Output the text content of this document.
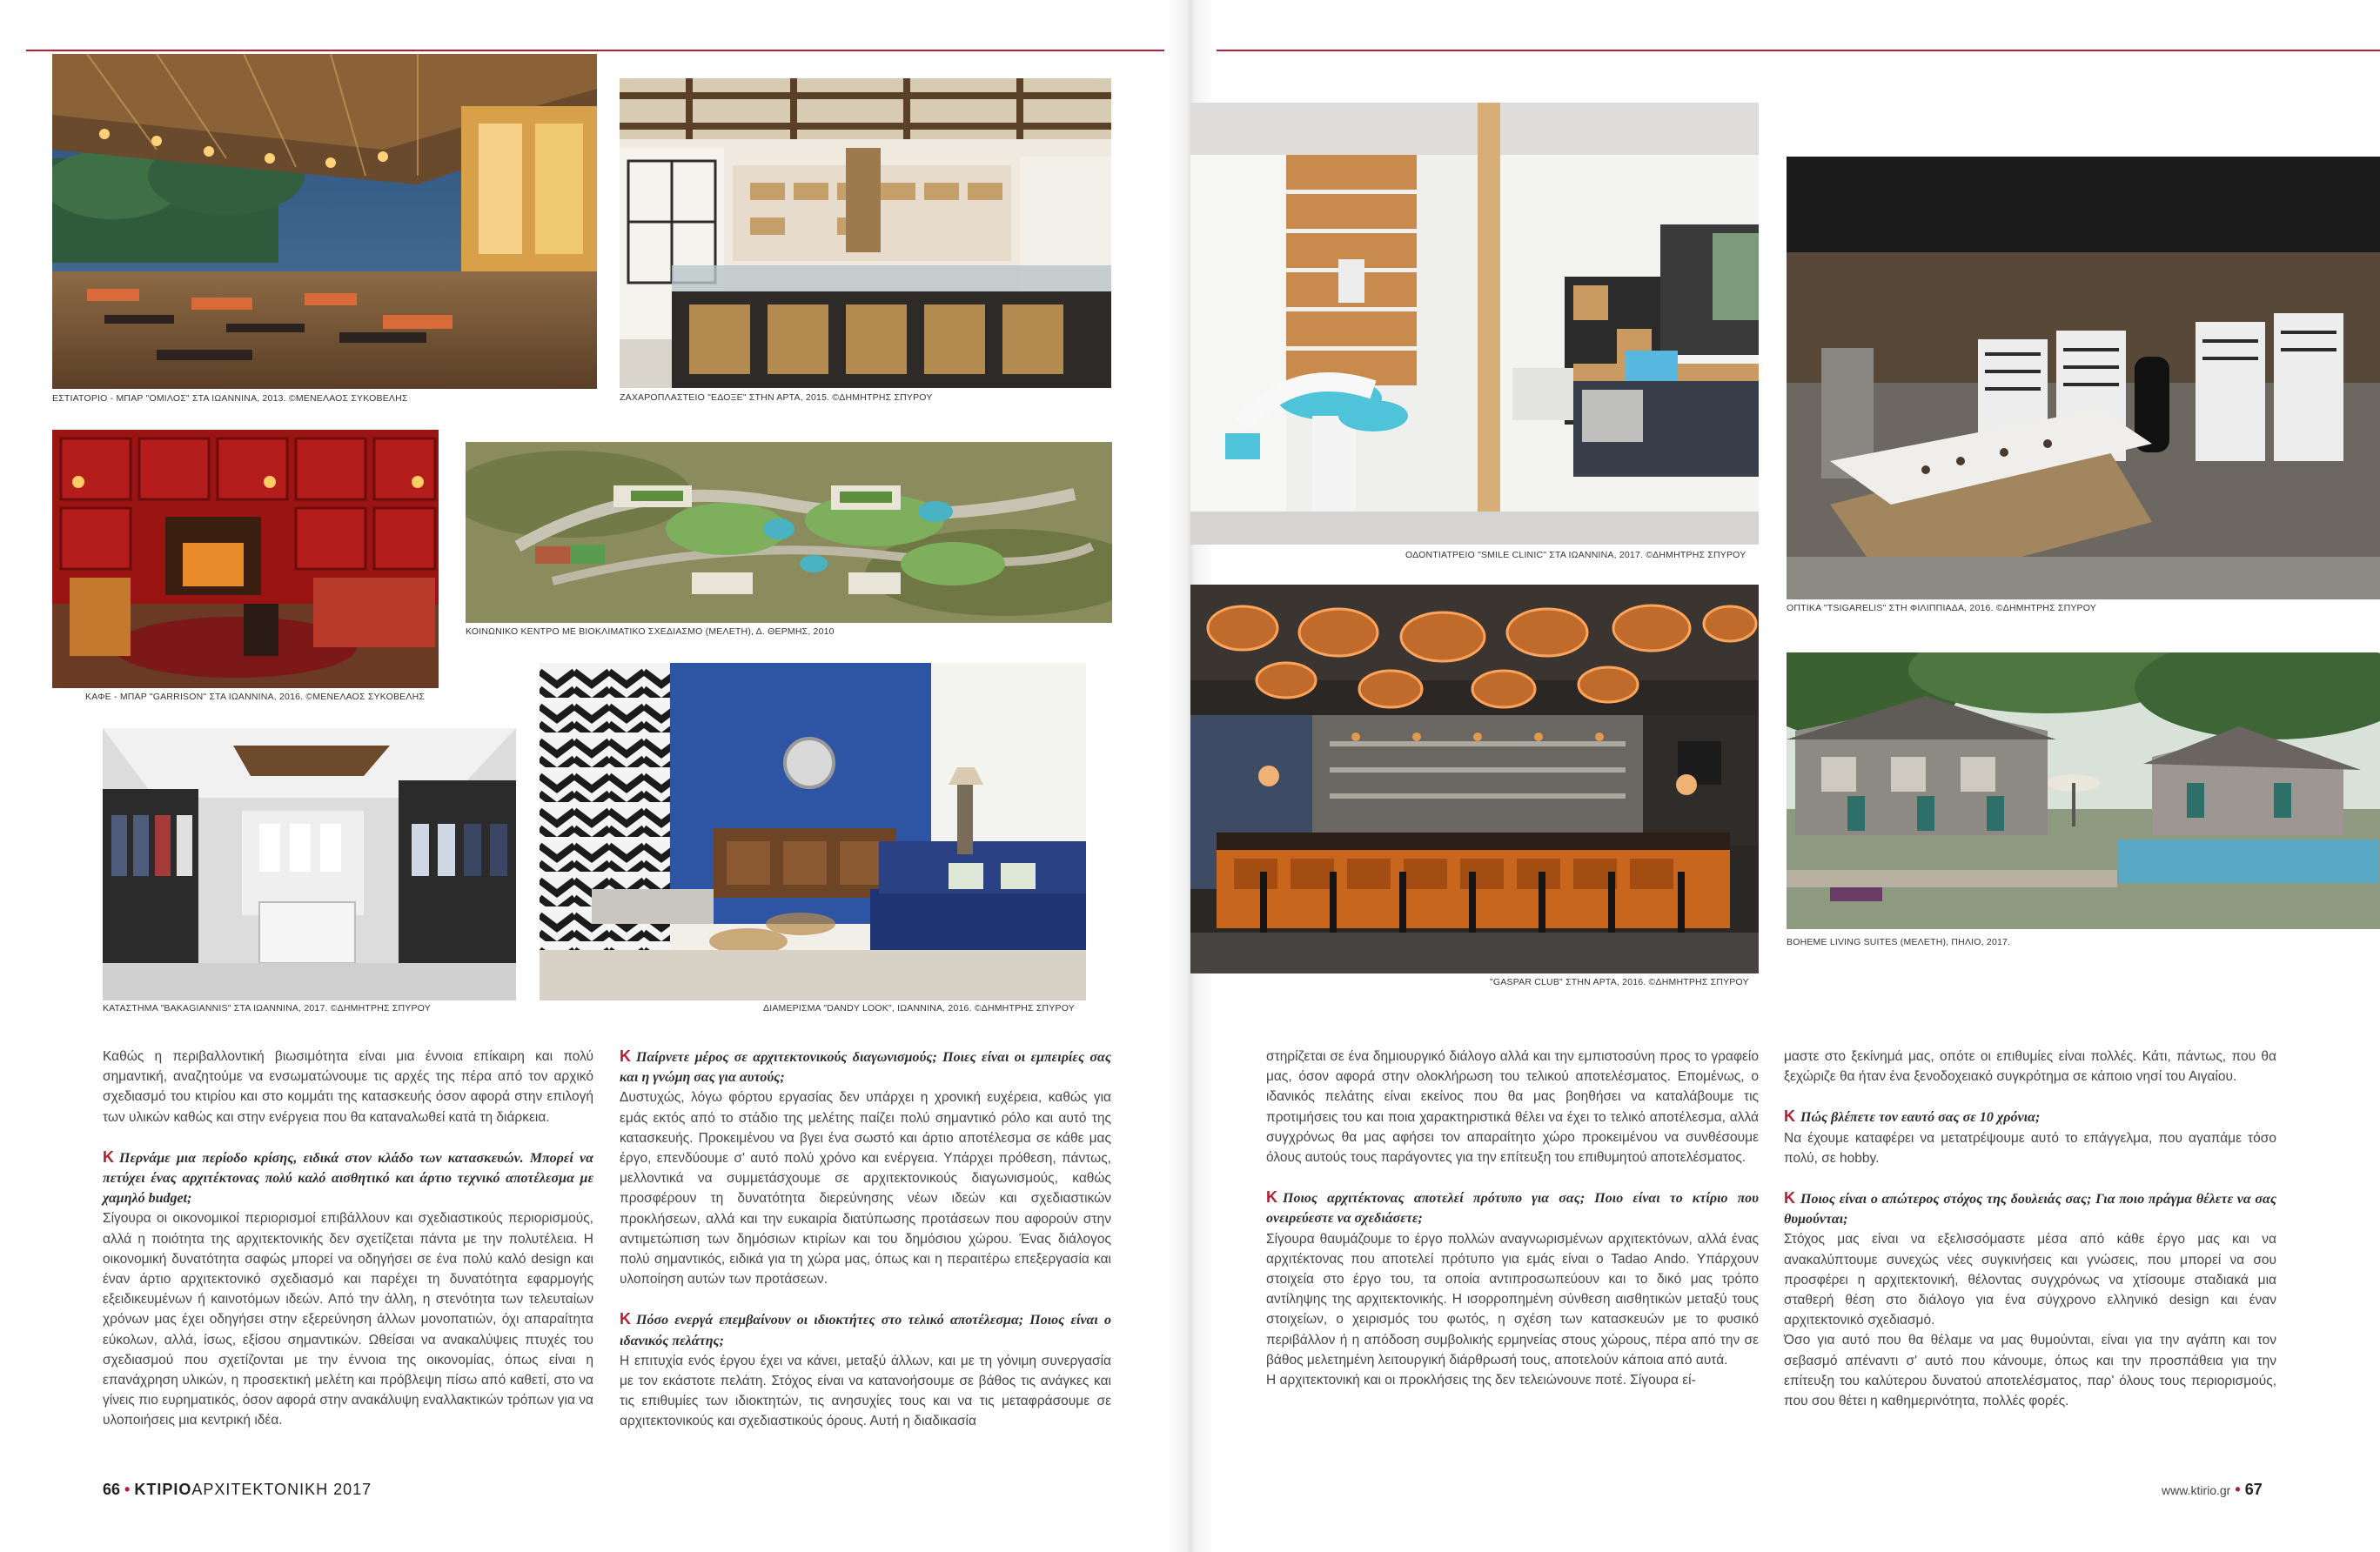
ΕΣΤΙΑΤΟΡΙΟ - ΜΠΑΡ "ΟΜΙΛΟΣ" ΣΤΑ ΙΩΑΝΝΙΝΑ, 2013. ©ΜΕΝΕΛΑΟΣ ΣΥΚΟΒΕΛΗΣ	ΖΑΧΑΡΟΠΛΑΣΤΕΙΟ "ΕΔΟΞΕ" ΣΤΗΝ ΑΡΤΑ, 2015. ©ΔΗΜΗΤΡΗΣ ΣΠΥΡΟΥ
ΚΑΦΕ - ΜΠΑΡ "GARRISON" ΣΤΑ ΙΩΑΝΝΙΝΑ, 2016. ©ΜΕΝΕΛΑΟΣ ΣΥΚΟΒΕΛΗΣ
ΚΟΙΝΩΝΙΚΟ ΚΕΝΤΡΟ ΜΕ ΒΙΟΚΛΙΜΑΤΙΚΟ ΣΧΕΔΙΑΣΜΟ (ΜΕΛΕΤΗ), Δ. ΘΕΡΜΗΣ, 2010
ΚΑΤΑΣΤΗΜΑ "BAKAGIANNIS" ΣΤΑ ΙΩΑΝΝΙΝΑ, 2017. ©ΔΗΜΗΤΡΗΣ ΣΠΥΡΟΥ	ΔΙΑΜΕΡΙΣΜΑ "DANDY LOOK", ΙΩΑΝΝΙΝΑ, 2016. ©ΔΗΜΗΤΡΗΣ ΣΠΥΡΟΥ
ΟΔΟΝΤΙΑΤΡΕΙΟ "SMILE CLINIC" ΣΤΑ ΙΩΑΝΝΙΝΑ, 2017. ©ΔΗΜΗΤΡΗΣ ΣΠΥΡΟΥ
ΟΠΤΙΚΑ "TSIGARELIS" ΣΤΗ ΦΙΛΙΠΠΙΑΔΑ, 2016. ©ΔΗΜΗΤΡΗΣ ΣΠΥΡΟΥ
"GASPAR CLUB" ΣΤΗΝ ΑΡΤΑ, 2016. ©ΔΗΜΗΤΡΗΣ ΣΠΥΡΟΥ
BOHEME LIVING SUITES (ΜΕΛΕΤΗ), ΠΗΛΙΟ, 2017.

Καθώς η περιβαλλοντική βιωσιμότητα είναι μια έννοια επίκαιρη και πολύ σημαντική, αναζητούμε να ενσωματώνουμε τις αρχές της πέρα από τον αρχικό σχεδιασμό του κτιρίου και στο κομμάτι της κατασκευής όσον αφορά στην επιλογή των υλικών καθώς και στην ενέργεια που θα καταναλωθεί κατά τη διάρκεια.

Κ Περνάμε μια περίοδο κρίσης, ειδικά στον κλάδο των κατασκευών. Μπορεί να πετύχει ένας αρχιτέκτονας πολύ καλό αισθητικό και άρτιο τεχνικό αποτέλεσμα με χαμηλό budget;

Σίγουρα οι οικονομικοί περιορισμοί επιβάλλουν και σχεδιαστικούς περιορισμούς, αλλά η ποιότητα της αρχιτεκτονικής δεν σχετίζεται πάντα με την πολυτέλεια. Η οικονομική δυνατότητα σαφώς μπορεί να οδηγήσει σε ένα πολύ καλό design και έναν άρτιο αρχιτεκτονικό σχεδιασμό και παρέχει τη δυνατότητα εφαρμογής εξειδικευμένων ή καινοτόμων ιδεών. Από την άλλη, η στενότητα των τελευταίων χρόνων μας έχει οδηγήσει στην εξερεύνηση άλλων μονοπατιών, όχι απαραίτητα εύκολων, αλλά, ίσως, εξίσου σημαντικών. Ωθείσαι να ανακαλύψεις πτυχές του σχεδιασμού που σχετίζονται με την έννοια της οικονομίας, όπως είναι η επανάχρηση υλικών, η προσεκτική μελέτη και πρόβλεψη πίσω από καθετί, στο να γίνεις πιο ευρηματικός, όσον αφορά στην ανακάλυψη εναλλακτικών τρόπων για να υλοποιήσεις μια κεντρική ιδέα.

Κ Παίρνετε μέρος σε αρχιτεκτονικούς διαγωνισμούς; Ποιες είναι οι εμπειρίες σας και η γνώμη σας για αυτούς;

Δυστυχώς, λόγω φόρτου εργασίας δεν υπάρχει η χρονική ευχέρεια, καθώς για εμάς εκτός από το στάδιο της μελέτης παίζει πολύ σημαντικό ρόλο και αυτό της κατασκευής. Προκειμένου να βγει ένα σωστό και άρτιο αποτέλεσμα σε κάθε μας έργο, επενδύουμε σ' αυτό πολύ χρόνο και ενέργεια. Υπάρχει πρόθεση, πάντως, μελλοντικά να συμμετάσχουμε σε αρχιτεκτονικούς διαγωνισμούς, καθώς προσφέρουν τη δυνατότητα διερεύνησης νέων ιδεών και σχεδιαστικών προκλήσεων, αλλά και την ευκαιρία διατύπωσης προτάσεων που αφορούν στην αντιμετώπιση των δημόσιων κτιρίων και του δημόσιου χώρου. Ένας διάλογος πολύ σημαντικός, ειδικά για τη χώρα μας, όπως και η περαιτέρω επεξεργασία και υλοποίηση αυτών των προτάσεων.

Κ Πόσο ενεργά επεμβαίνουν οι ιδιοκτήτες στο τελικό αποτέλεσμα; Ποιος είναι ο ιδανικός πελάτης;

Η επιτυχία ενός έργου έχει να κάνει, μεταξύ άλλων, και με τη γόνιμη συνεργασία με τον εκάστοτε πελάτη. Στόχος είναι να κατανοήσουμε σε βάθος τις ανάγκες και τις επιθυμίες των ιδιοκτητών, τις ανησυχίες τους και να τις μεταφράσουμε σε αρχιτεκτονικούς και σχεδιαστικούς όρους. Αυτή η διαδικασία

στηρίζεται σε ένα δημιουργικό διάλογο αλλά και την εμπιστοσύνη προς το γραφείο μας, όσον αφορά στην ολοκλήρωση του τελικού αποτελέσματος. Επομένως, ο ιδανικός πελάτης είναι εκείνος που θα μας βοηθήσει να καταλάβουμε τις προτιμήσεις του και ποια χαρακτηριστικά θέλει να έχει το τελικό αποτέλεσμα, αλλά συγχρόνως θα μας αφήσει τον απαραίτητο χώρο προκειμένου να συνθέσουμε όλους αυτούς τους παράγοντες για την επίτευξη του επιθυμητού αποτελέσματος.

Κ Ποιος αρχιτέκτονας αποτελεί πρότυπο για σας; Ποιο είναι το κτίριο που ονειρεύεστε να σχεδιάσετε;

Σίγουρα θαυμάζουμε το έργο πολλών αναγνωρισμένων αρχιτεκτόνων, αλλά ένας αρχιτέκτονας που αποτελεί πρότυπο για εμάς είναι ο Tadao Ando. Υπάρχουν στοιχεία στο έργο του, τα οποία αντιπροσωπεύουν και το δικό μας τρόπο αντίληψης της αρχιτεκτονικής. Η ισορροπημένη σύνθεση αισθητικών μεταξύ τους στοιχείων, ο χειρισμός του φωτός, η σχέση των κατασκευών με το φυσικό περιβάλλον ή η απόδοση συμβολικής ερμηνείας στους χώρους, πέρα από την σε βάθος μελετημένη λειτουργική διάρθρωσή τους, αποτελούν κάποια από αυτά.

Η αρχιτεκτονική και οι προκλήσεις της δεν τελειώνουνε ποτέ. Σίγουρα εί-

μαστε στο ξεκίνημά μας, οπότε οι επιθυμίες είναι πολλές. Κάτι, πάντως, που θα ξεχώριζε θα ήταν ένα ξενοδοχειακό συγκρότημα σε κάποιο νησί του Αιγαίου.

Κ Πώς βλέπετε τον εαυτό σας σε 10 χρόνια;

Να έχουμε καταφέρει να μετατρέψουμε αυτό το επάγγελμα, που αγαπάμε τόσο πολύ, σε hobby.

Κ Ποιος είναι ο απώτερος στόχος της δουλειάς σας; Για ποιο πράγμα θέλετε να σας θυμούνται;

Στόχος μας είναι να εξελισσόμαστε μέσα από κάθε έργο μας και να ανακαλύπτουμε συνεχώς νέες συγκινήσεις και γνώσεις, που μπορεί να σου προσφέρει η αρχιτεκτονική, θέλοντας συγχρόνως να χτίσουμε σταδιακά μια σταθερή θέση στο διάλογο για ένα σύγχρονο ελληνικό design και έναν αρχιτεκτονικό σχεδιασμό.

Όσο για αυτό που θα θέλαμε να μας θυμούνται, είναι για την αγάπη και τον σεβασμό απέναντι σ' αυτό που κάνουμε, όπως και την προσπάθεια για την επίτευξη του καλύτερου δυνατού αποτελέσματος, παρ' όλους τους περιορισμούς, που σου θέτει η καθημερινότητα, πολλές φορές.

66 • ΚΤΙΡΙΟΑΡΧΙΤΕΚΤΟΝΙΚΗ 2017	www.ktirio.gr • 67
